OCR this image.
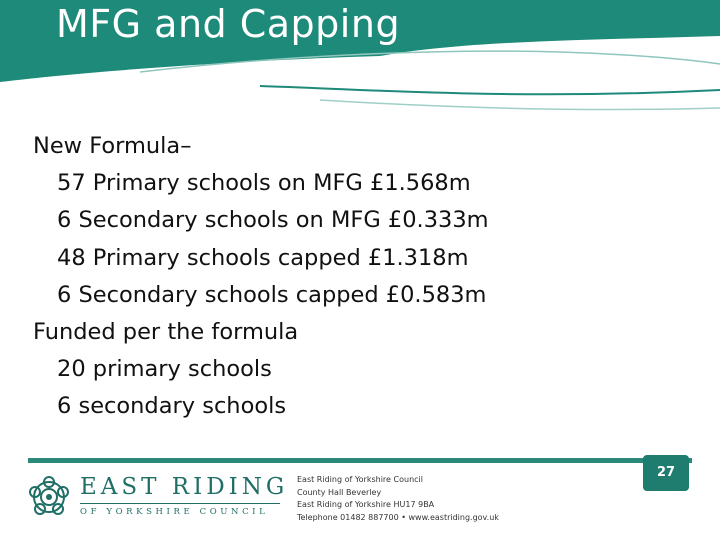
MFG and Capping
New Formula–
57 Primary schools on MFG £1.568m
6 Secondary schools on MFG £0.333m
48 Primary schools capped £1.318m
6 Secondary schools capped £0.583m
Funded per the formula
20 primary schools
6 secondary schools
EAST RIDING
OF YORKSHIRE COUNCIL
East Riding of Yorkshire Council
County Hall Beverley
East Riding of Yorkshire HU17 9BA
Telephone 01482 887700 • www.eastriding.gov.uk
27
